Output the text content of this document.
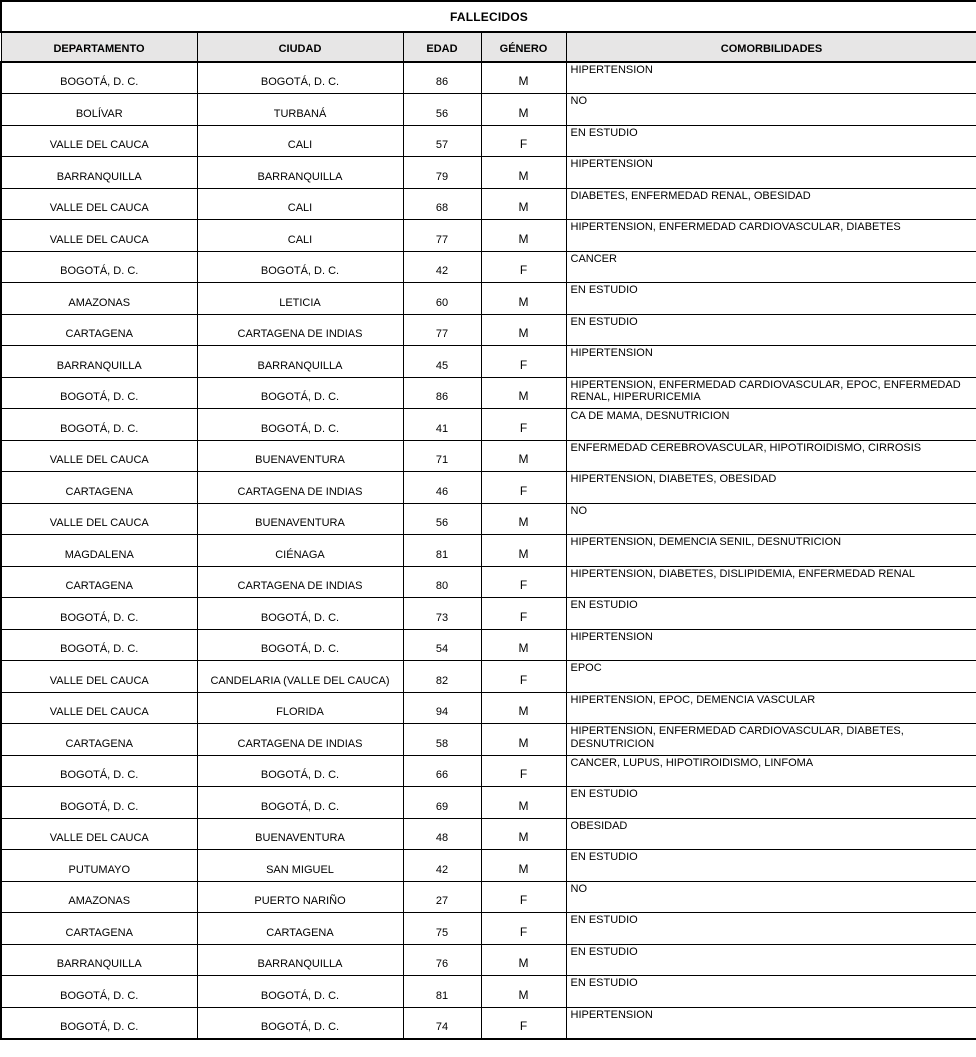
FALLECIDOS				
DEPARTAMENTO	CIUDAD	EDAD	GÉNERO	COMORBILIDADES
BOGOTÁ, D. C.	BOGOTÁ, D. C.	86	M	HIPERTENSION
BOLÍVAR	TURBANÁ	56	M	NO
VALLE DEL CAUCA	CALI	57	F	EN ESTUDIO
BARRANQUILLA	BARRANQUILLA	79	M	HIPERTENSION
VALLE DEL CAUCA	CALI	68	M	DIABETES, ENFERMEDAD RENAL, OBESIDAD
VALLE DEL CAUCA	CALI	77	M	HIPERTENSION, ENFERMEDAD CARDIOVASCULAR, DIABETES
BOGOTÁ, D. C.	BOGOTÁ, D. C.	42	F	CANCER
AMAZONAS	LETICIA	60	M	EN ESTUDIO
CARTAGENA	CARTAGENA DE INDIAS	77	M	EN ESTUDIO
BARRANQUILLA	BARRANQUILLA	45	F	HIPERTENSION
BOGOTÁ, D. C.	BOGOTÁ, D. C.	86	M	HIPERTENSION, ENFERMEDAD CARDIOVASCULAR, EPOC, ENFERMEDAD RENAL, HIPERURICEMIA
BOGOTÁ, D. C.	BOGOTÁ, D. C.	41	F	CA DE MAMA, DESNUTRICION
VALLE DEL CAUCA	BUENAVENTURA	71	M	ENFERMEDAD CEREBROVASCULAR, HIPOTIROIDISMO, CIRROSIS
CARTAGENA	CARTAGENA DE INDIAS	46	F	HIPERTENSION, DIABETES, OBESIDAD
VALLE DEL CAUCA	BUENAVENTURA	56	M	NO
MAGDALENA	CIÉNAGA	81	M	HIPERTENSION, DEMENCIA SENIL, DESNUTRICION
CARTAGENA	CARTAGENA DE INDIAS	80	F	HIPERTENSION, DIABETES, DISLIPIDEMIA, ENFERMEDAD RENAL
BOGOTÁ, D. C.	BOGOTÁ, D. C.	73	F	EN ESTUDIO
BOGOTÁ, D. C.	BOGOTÁ, D. C.	54	M	HIPERTENSION
VALLE DEL CAUCA	CANDELARIA (VALLE DEL CAUCA)	82	F	EPOC
VALLE DEL CAUCA	FLORIDA	94	M	HIPERTENSION, EPOC, DEMENCIA VASCULAR
CARTAGENA	CARTAGENA DE INDIAS	58	M	HIPERTENSION, ENFERMEDAD CARDIOVASCULAR, DIABETES, DESNUTRICION
BOGOTÁ, D. C.	BOGOTÁ, D. C.	66	F	CANCER, LUPUS, HIPOTIROIDISMO, LINFOMA
BOGOTÁ, D. C.	BOGOTÁ, D. C.	69	M	EN ESTUDIO
VALLE DEL CAUCA	BUENAVENTURA	48	M	OBESIDAD
PUTUMAYO	SAN MIGUEL	42	M	EN ESTUDIO
AMAZONAS	PUERTO NARIÑO	27	F	NO
CARTAGENA	CARTAGENA	75	F	EN ESTUDIO
BARRANQUILLA	BARRANQUILLA	76	M	EN ESTUDIO
BOGOTÁ, D. C.	BOGOTÁ, D. C.	81	M	EN ESTUDIO
BOGOTÁ, D. C.	BOGOTÁ, D. C.	74	F	HIPERTENSION
